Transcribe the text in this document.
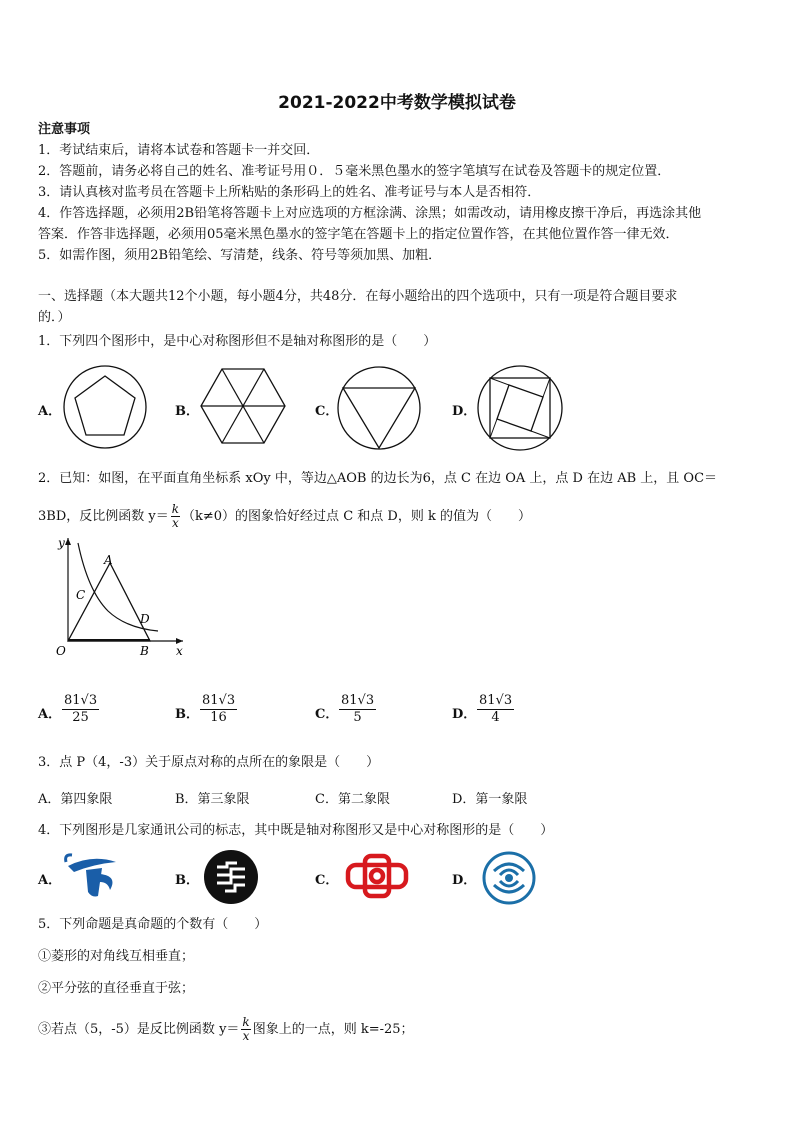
2021-2022中考数学模拟试卷
注意事项
1．考试结束后，请将本试卷和答题卡一并交回．
2．答题前，请务必将自己的姓名、准考证号用０．５毫米黑色墨水的签字笔填写在试卷及答题卡的规定位置．
3．请认真核对监考员在答题卡上所粘贴的条形码上的姓名、准考证号与本人是否相符．
4．作答选择题，必须用2B铅笔将答题卡上对应选项的方框涂满、涂黑；如需改动，请用橡皮擦干净后，再选涂其他
答案．作答非选择题，必须用05毫米黑色墨水的签字笔在答题卡上的指定位置作答，在其他位置作答一律无效．
5．如需作图，须用2B铅笔绘、写清楚，线条、符号等须加黑、加粗．
一、选择题（本大题共12个小题，每小题4分，共48分．在每小题给出的四个选项中，只有一项是符合题目要求
的．）
1．下列四个图形中，是中心对称图形但不是轴对称图形的是（　　）
A．	B．	C．	D．
2．已知：如图，在平面直角坐标系 xOy 中，等边△AOB 的边长为6，点 C 在边 OA 上，点 D 在边 AB 上，且 OC＝
3BD，反比例函数 $y= \frac{k}{x} (k\ne 0)$的图象恰好经过点 C 和点 D，则 k 的值为（　　）
y
x
O
A
B
C
D
A． $\frac{81√3}{25}$	B． $\frac{81√3}{16}$	C． $\frac{81√3}{5}$	D． $\frac{81√3}{4}$
3．点 P（4，-3）关于原点对称的点所在的象限是（　　）
A．第四象限	B．第三象限	C．第二象限	D．第一象限
4．下列图形是几家通讯公司的标志，其中既是轴对称图形又是中心对称图形的是（　　）
A．	B．	C．	D．
5．下列命题是真命题的个数有（　　）
①菱形的对角线互相垂直；
②平分弦的直径垂直于弦；
③若点（5，-5）是反比例函数 $y= \frac{k}{x}$ 图象上的一点，则 k=-25；
